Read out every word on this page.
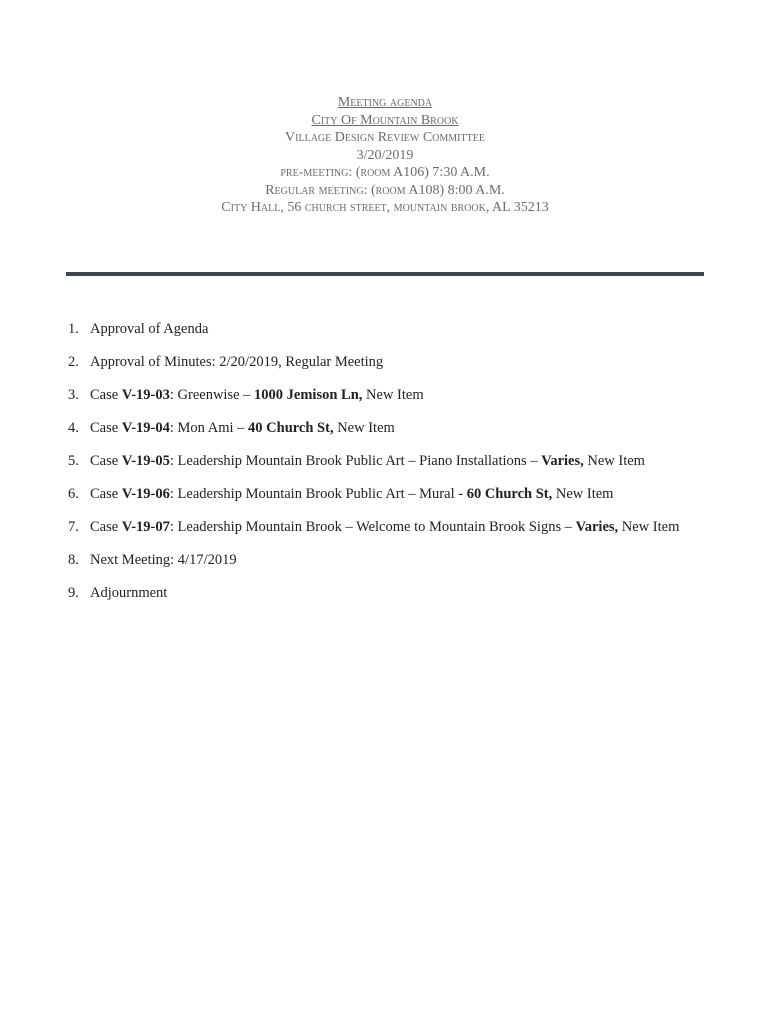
Meeting agenda
City Of Mountain Brook
Village Design Review Committee
3/20/2019
pre-meeting: (room A106) 7:30 A.M.
Regular meeting: (room A108) 8:00 A.M.
City Hall, 56 church street, mountain brook, AL 35213
1. Approval of Agenda
2. Approval of Minutes: 2/20/2019, Regular Meeting
3. Case V-19-03: Greenwise – 1000 Jemison Ln, New Item
4. Case V-19-04: Mon Ami – 40 Church St, New Item
5. Case V-19-05: Leadership Mountain Brook Public Art – Piano Installations – Varies, New Item
6. Case V-19-06: Leadership Mountain Brook Public Art – Mural - 60 Church St, New Item
7. Case V-19-07: Leadership Mountain Brook – Welcome to Mountain Brook Signs – Varies, New Item
8. Next Meeting: 4/17/2019
9. Adjournment
